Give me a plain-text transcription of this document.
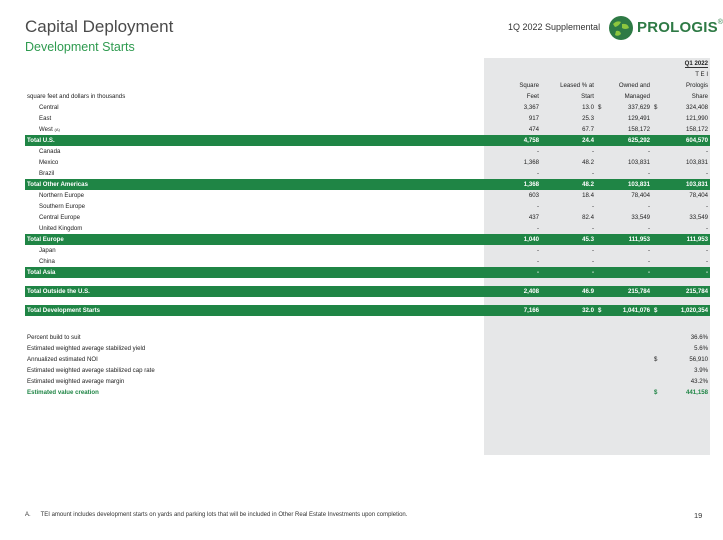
Capital Deployment
Development Starts
1Q 2022 Supplemental PROLOGIS®
	Q1 2022					
	T E I					
	Square	Leased % at		Owned and		Prologis
square feet and dollars in thousands	Feet	Start		Managed		Share
Central	3,367	13.0	$	337,629	$	324,408
East	917	25.3		129,491		121,990
West $^{(A)}$	474	67.7		158,172		158,172
Total U.S.	4,758	24.4		625,292		604,570
Canada	-	-		-		-
Mexico	1,368	48.2		103,831		103,831
Brazil	-	-		-		-
Total Other Americas	1,368	48.2		103,831		103,831
Northern Europe	603	18.4		78,404		78,404
Southern Europe	-	-		-		-
Central Europe	437	82.4		33,549		33,549
United Kingdom	-	-		-		-
Total Europe	1,040	45.3		111,953		111,953
Japan	-	-		-		-
China	-	-		-		-
Total Asia	-	-		-		-

Total Outside the U.S.	2,408	46.9		215,784		215,784

Total Development Starts	7,166	32.0	$	1,041,076	$	1,020,354

Percent build to suit						36.6%
Estimated weighted average stabilized yield						5.6%
Annualized estimated NOI					$	56,910
Estimated weighted average stabilized cap rate						3.9%
Estimated weighted average margin						43.2%
Estimated value creation					$	441,158
A. TEI amount includes development starts on yards and parking lots that will be included in Other Real Estate Investments upon completion.	19
